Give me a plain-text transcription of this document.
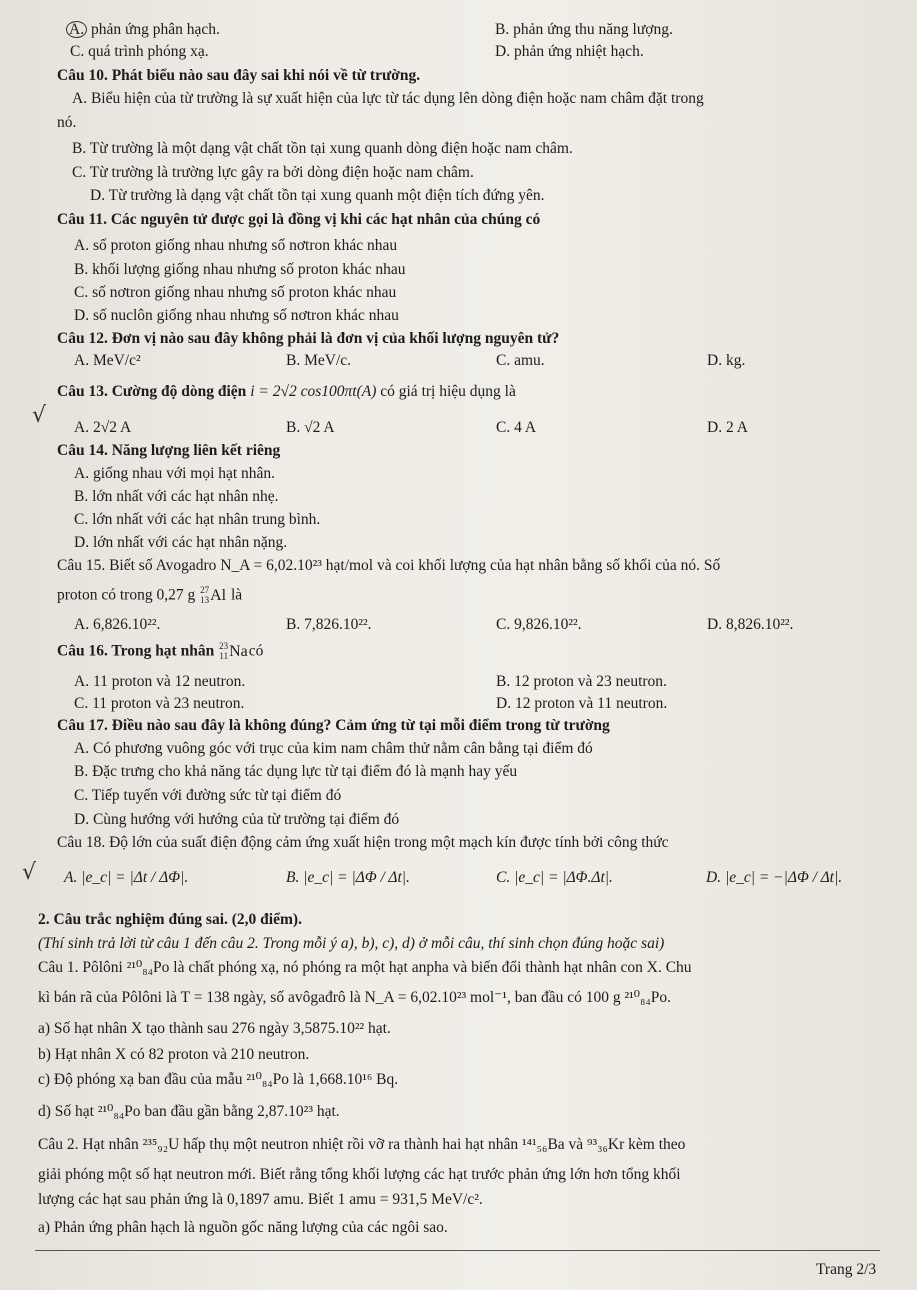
A. phản ứng phân hạch.	B. phản ứng thu năng lượng.
C. quá trình phóng xạ.	D. phản ứng nhiệt hạch.
Câu 10. Phát biểu nào sau đây sai khi nói về từ trường.
A. Biểu hiện của từ trường là sự xuất hiện của lực từ tác dụng lên dòng điện hoặc nam châm đặt trong
nó.
B. Từ trường là một dạng vật chất tồn tại xung quanh dòng điện hoặc nam châm.
C. Từ trường là trường lực gây ra bởi dòng điện hoặc nam châm.
D. Từ trường là dạng vật chất tồn tại xung quanh một điện tích đứng yên.
Câu 11. Các nguyên tử được gọi là đồng vị khi các hạt nhân của chúng có
A. số proton giống nhau nhưng số nơtron khác nhau
B. khối lượng giống nhau nhưng số proton khác nhau
C. số nơtron giống nhau nhưng số proton khác nhau
D. số nuclôn giống nhau nhưng số nơtron khác nhau
Câu 12. Đơn vị nào sau đây không phải là đơn vị của khối lượng nguyên tử?
A. MeV/c²	B. MeV/c.	C. amu.	D. kg.
Câu 13. Cường độ dòng điện i = 2√2 cos100πt(A) có giá trị hiệu dụng là
√ A. 2√2 A	B. √2 A	C. 4 A	D. 2 A
Câu 14. Năng lượng liên kết riêng
A. giống nhau với mọi hạt nhân.
B. lớn nhất với các hạt nhân nhẹ.
C. lớn nhất với các hạt nhân trung bình.
D. lớn nhất với các hạt nhân nặng.
Câu 15. Biết số Avogadro N_A = 6,02.10²³ hạt/mol và coi khối lượng của hạt nhân bằng số khối của nó. Số
proton có trong 0,27 g 27
13 Al là
A. 6,826.10²².	B. 7,826.10²².	C. 9,826.10²².	D. 8,826.10²².
Câu 16. Trong hạt nhân 23
11 Nacó
A. 11 proton và 12 neutron.	B. 12 proton và 23 neutron.
C. 11 proton và 23 neutron.	D. 12 proton và 11 neutron.
Câu 17. Điều nào sau đây là không đúng? Cảm ứng từ tại mỗi điểm trong từ trường
A. Có phương vuông góc với trục của kim nam châm thử nằm cân bằng tại điểm đó
B. Đặc trưng cho khả năng tác dụng lực từ tại điểm đó là mạnh hay yếu
C. Tiếp tuyến với đường sức từ tại điểm đó
D. Cùng hướng với hướng của từ trường tại điểm đó
Câu 18. Độ lớn của suất điện động cảm ứng xuất hiện trong một mạch kín được tính bởi công thức
√ A. |e_c| = |Δt / ΔΦ|.	B. |e_c| = |ΔΦ / Δt|.	C. |e_c| = |ΔΦ.Δt|.	D. |e_c| = −|ΔΦ / Δt|.
2. Câu trắc nghiệm đúng sai. (2,0 điểm).
(Thí sinh trả lời từ câu 1 đến câu 2. Trong mỗi ý a), b), c), d) ở mỗi câu, thí sinh chọn đúng hoặc sai)
Câu 1. Pôlôni ²¹⁰₈₄Po là chất phóng xạ, nó phóng ra một hạt anpha và biến đổi thành hạt nhân con X. Chu
kì bán rã của Pôlôni là T = 138 ngày, số avôgađrô là N_A = 6,02.10²³ mol⁻¹, ban đầu có 100 g ²¹⁰₈₄Po.
a) Số hạt nhân X tạo thành sau 276 ngày 3,5875.10²² hạt.
b) Hạt nhân X có 82 proton và 210 neutron.
c) Độ phóng xạ ban đầu của mẫu ²¹⁰₈₄Po là 1,668.10¹⁶ Bq.
d) Số hạt ²¹⁰₈₄Po ban đầu gần bằng 2,87.10²³ hạt.
Câu 2. Hạt nhân ²³⁵₉₂U hấp thụ một neutron nhiệt rồi vỡ ra thành hai hạt nhân ¹⁴¹₅₆Ba và ⁹³₃₆Kr kèm theo
giải phóng một số hạt neutron mới. Biết rằng tổng khối lượng các hạt trước phản ứng lớn hơn tổng khối
lượng các hạt sau phản ứng là 0,1897 amu. Biết 1 amu = 931,5 MeV/c².
a) Phản ứng phân hạch là nguồn gốc năng lượng của các ngôi sao.
Trang 2/3
